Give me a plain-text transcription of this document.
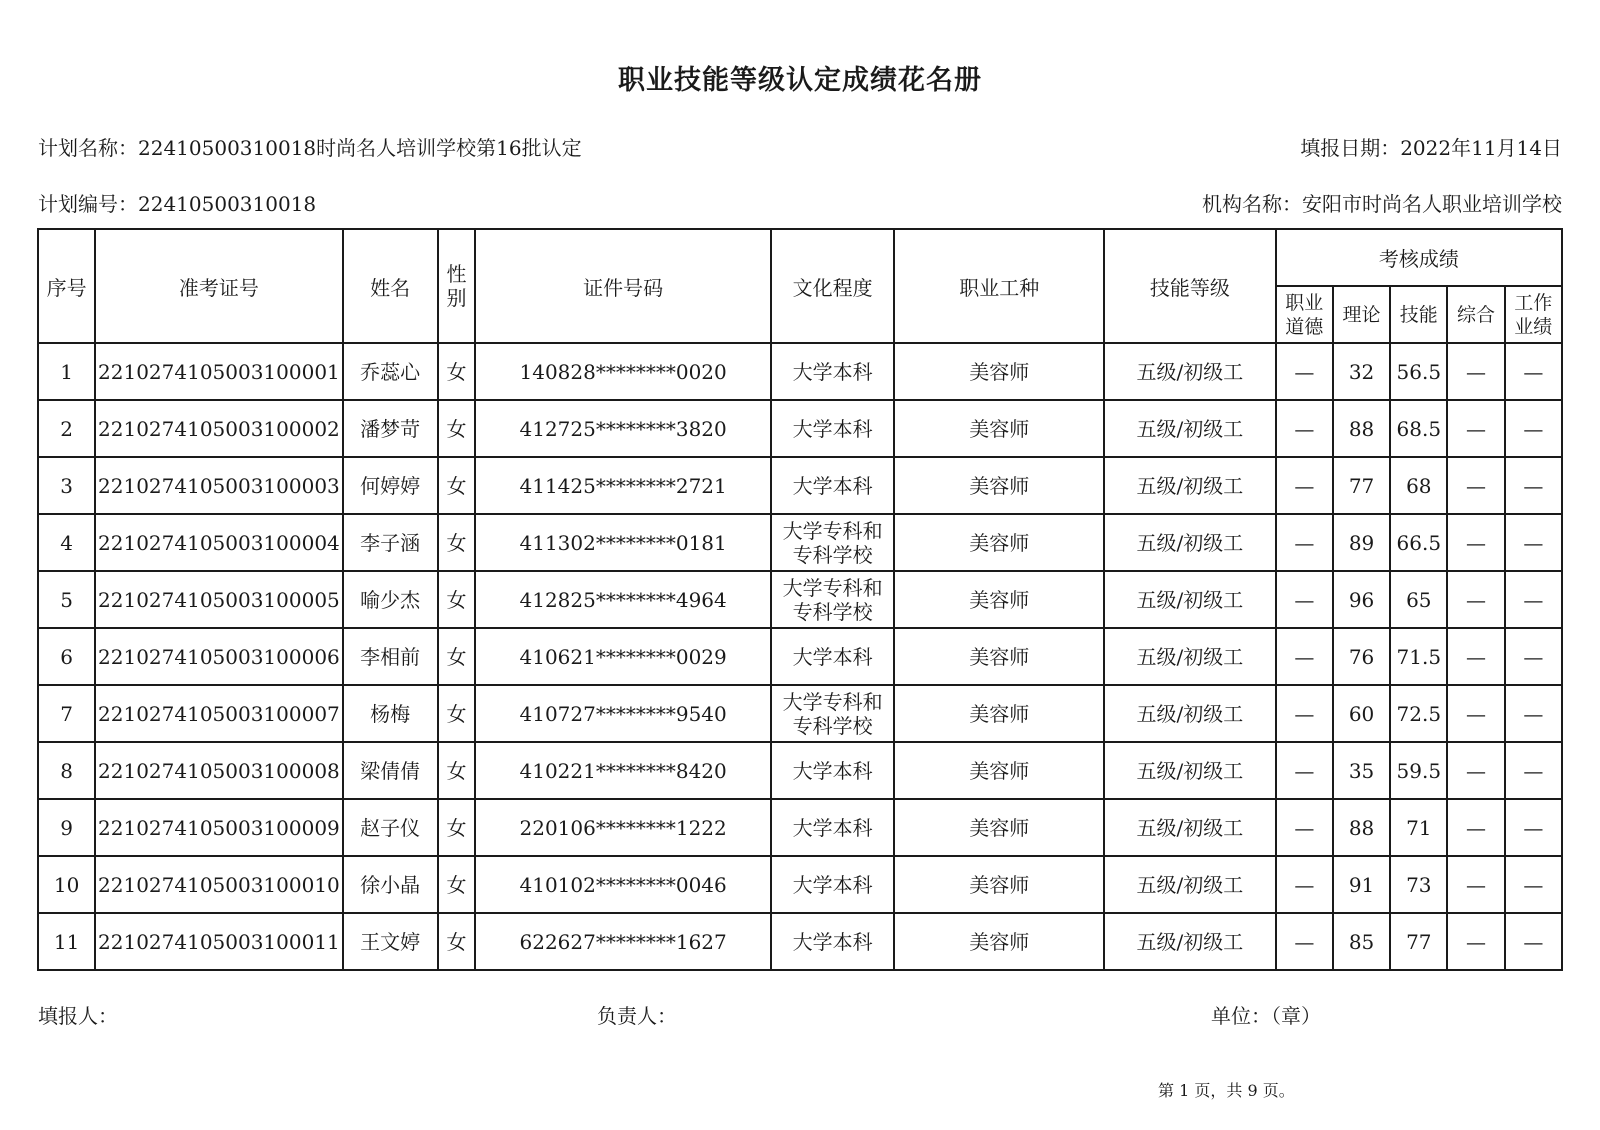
职业技能等级认定成绩花名册
计划名称：22410500310018时尚名人培训学校第16批认定	填报日期：2022年11月14日
计划编号：22410500310018	机构名称：安阳市时尚名人职业培训学校
序号	准考证号	姓名	性别	证件号码	文化程度	职业工种	技能等级	考核成绩				

								职业道德	理论	技能	综合	工作业绩

1	2210274105003100001	乔蕊心	女	140828********0020	大学本科	美容师	五级/初级工	—	32	56.5	—	—
2	2210274105003100002	潘梦苛	女	412725********3820	大学本科	美容师	五级/初级工	—	88	68.5	—	—
3	2210274105003100003	何婷婷	女	411425********2721	大学本科	美容师	五级/初级工	—	77	68	—	—
4	2210274105003100004	李子涵	女	411302********0181	大学专科和专科学校	美容师	五级/初级工	—	89	66.5	—	—
5	2210274105003100005	喻少杰	女	412825********4964	大学专科和专科学校	美容师	五级/初级工	—	96	65	—	—
6	2210274105003100006	李相前	女	410621********0029	大学本科	美容师	五级/初级工	—	76	71.5	—	—
7	2210274105003100007	杨梅	女	410727********9540	大学专科和专科学校	美容师	五级/初级工	—	60	72.5	—	—
8	2210274105003100008	梁倩倩	女	410221********8420	大学本科	美容师	五级/初级工	—	35	59.5	—	—
9	2210274105003100009	赵子仪	女	220106********1222	大学本科	美容师	五级/初级工	—	88	71	—	—
10	2210274105003100010	徐小晶	女	410102********0046	大学本科	美容师	五级/初级工	—	91	73	—	—
11	2210274105003100011	王文婷	女	622627********1627	大学本科	美容师	五级/初级工	—	85	77	—	—
填报人：	负责人：	单位：（章）
第 1 页，共 9 页。
